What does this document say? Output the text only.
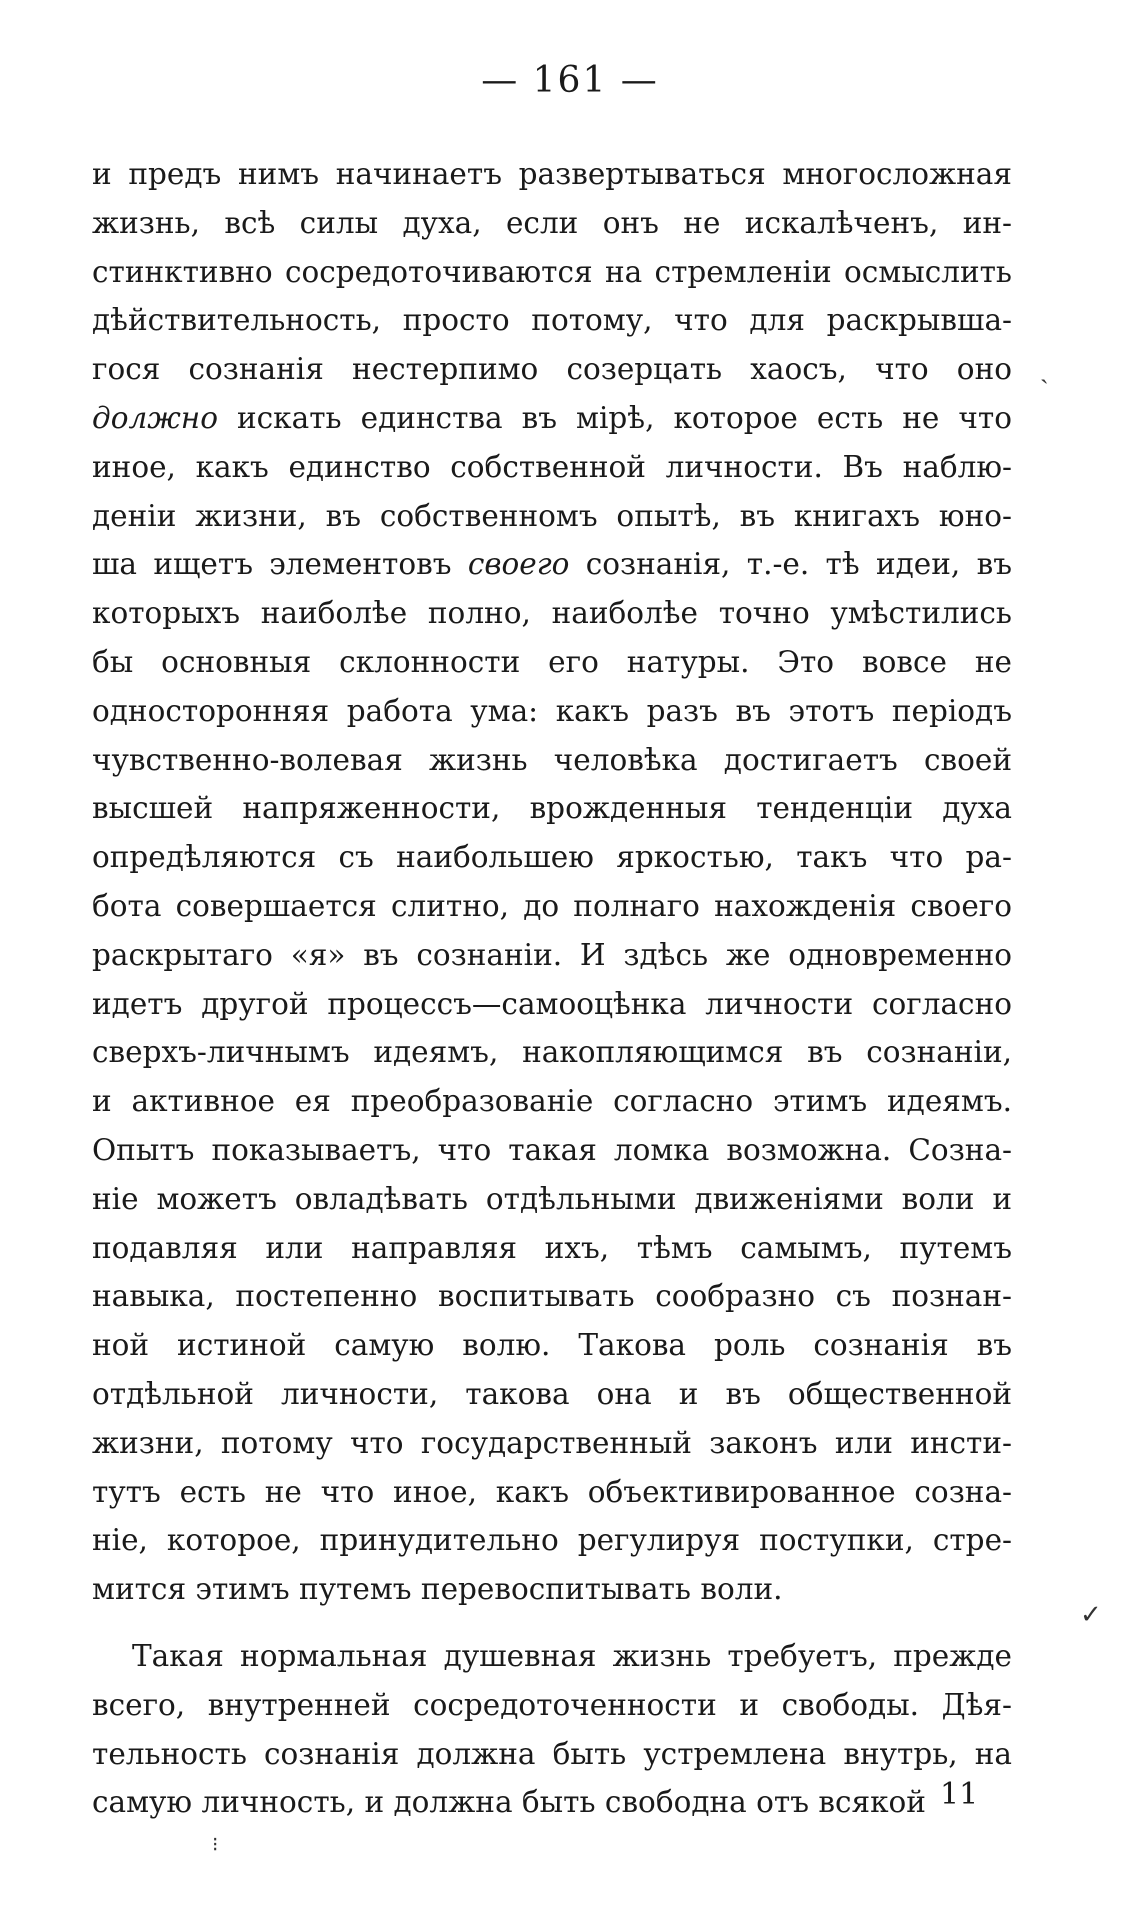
— 161 —
и предъ нимъ начинаетъ развертываться многосложная
жизнь, всѣ силы духа, если онъ не искалѣченъ, ин-
стинктивно сосредоточиваются на стремленіи осмыслить
дѣйствительность, просто потому, что для раскрывша-
гося сознанія нестерпимо созерцать хаосъ, что оно
должно искать единства въ мірѣ, которое есть не что
иное, какъ единство собственной личности. Въ наблю-
деніи жизни, въ собственномъ опытѣ, въ книгахъ юно-
ша ищетъ элементовъ своего сознанія, т.-е. тѣ идеи, въ
которыхъ наиболѣе полно, наиболѣе точно умѣстились
бы основныя склонности его натуры. Это вовсе не
односторонняя работа ума: какъ разъ въ этотъ періодъ
чувственно-волевая жизнь человѣка достигаетъ своей
высшей напряженности, врожденныя тенденціи духа
опредѣляются съ наибольшею яркостью, такъ что ра-
бота совершается слитно, до полнаго нахожденія своего
раскрытаго «я» въ сознаніи. И здѣсь же одновременно
идетъ другой процессъ—самооцѣнка личности согласно
сверхъ-личнымъ идеямъ, накопляющимся въ сознаніи,
и активное ея преобразованіе согласно этимъ идеямъ.
Опытъ показываетъ, что такая ломка возможна. Созна-
ніе можетъ овладѣвать отдѣльными движеніями воли и
подавляя или направляя ихъ, тѣмъ самымъ, путемъ
навыка, постепенно воспитывать сообразно съ познан-
ной истиной самую волю. Такова роль сознанія въ
отдѣльной личности, такова она и въ общественной
жизни, потому что государственный законъ или инсти-
тутъ есть не что иное, какъ объективированное созна-
ніе, которое, принудительно регулируя поступки, стре-
мится этимъ путемъ перевоспитывать воли.
Такая нормальная душевная жизнь требуетъ, прежде
всего, внутренней сосредоточенности и свободы. Дѣя-
тельность сознанія должна быть устремлена внутрь, на
самую личность, и должна быть свободна отъ всякой
ˎ
✓
⁝
11
